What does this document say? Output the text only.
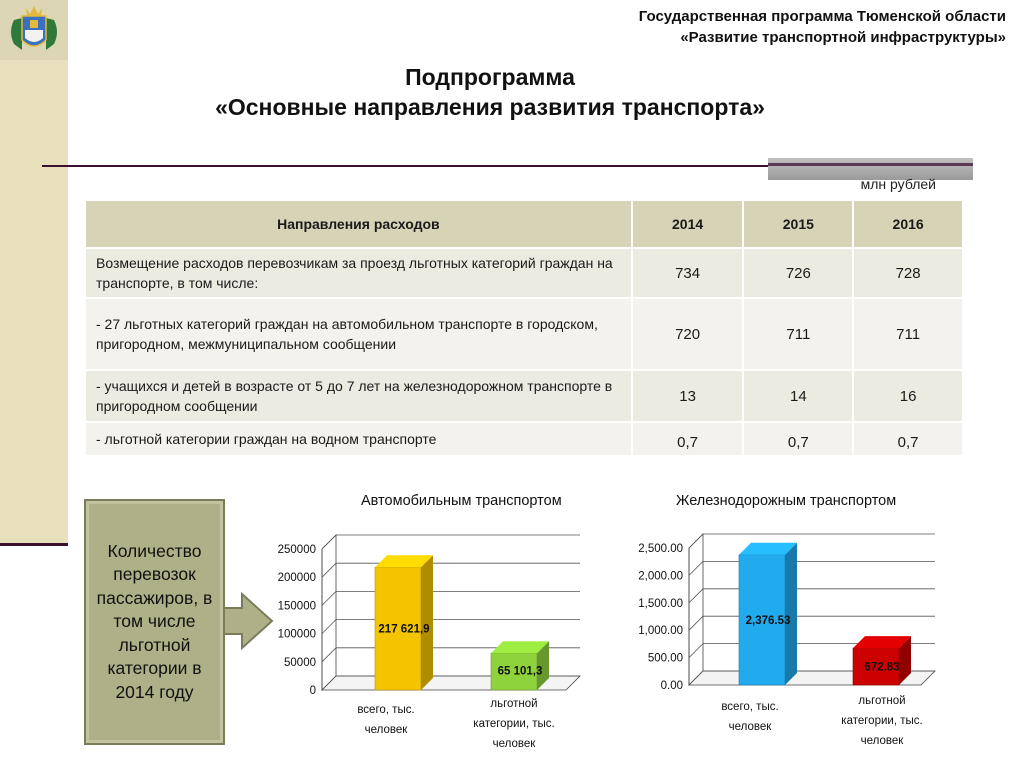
Государственная программа Тюменской области
«Развитие транспортной инфраструктуры»
Подпрограмма
«Основные направления развития транспорта»
млн рублей
Направления расходов	2014	2015	2016
Возмещение расходов перевозчикам за проезд льготных категорий граждан на транспорте, в том числе:	734	726	728
- 27 льготных категорий граждан на автомобильном транспорте в городском, пригородном, межмуниципальном сообщении	720	711	711
- учащихся и детей в возрасте от 5 до 7 лет на железнодорожном транспорте в пригородном сообщении	13	14	16
- льготной категории граждан на водном транспорте	0,7	0,7	0,7
Количество перевозок пассажиров, в том числе льготной категории в 2014 году
Автомобильным транспортом	Железнодорожным транспортом
0
50000
100000
150000
200000
250000
217 621,9
всего, тыс.
человек
65 101,3
льготной
категории, тыс.
человек
0.00
500.00
1,000.00
1,500.00
2,000.00
2,500.00
2,376.53
всего, тыс.
человек
672.83
льготной
категории, тыс.
человек
